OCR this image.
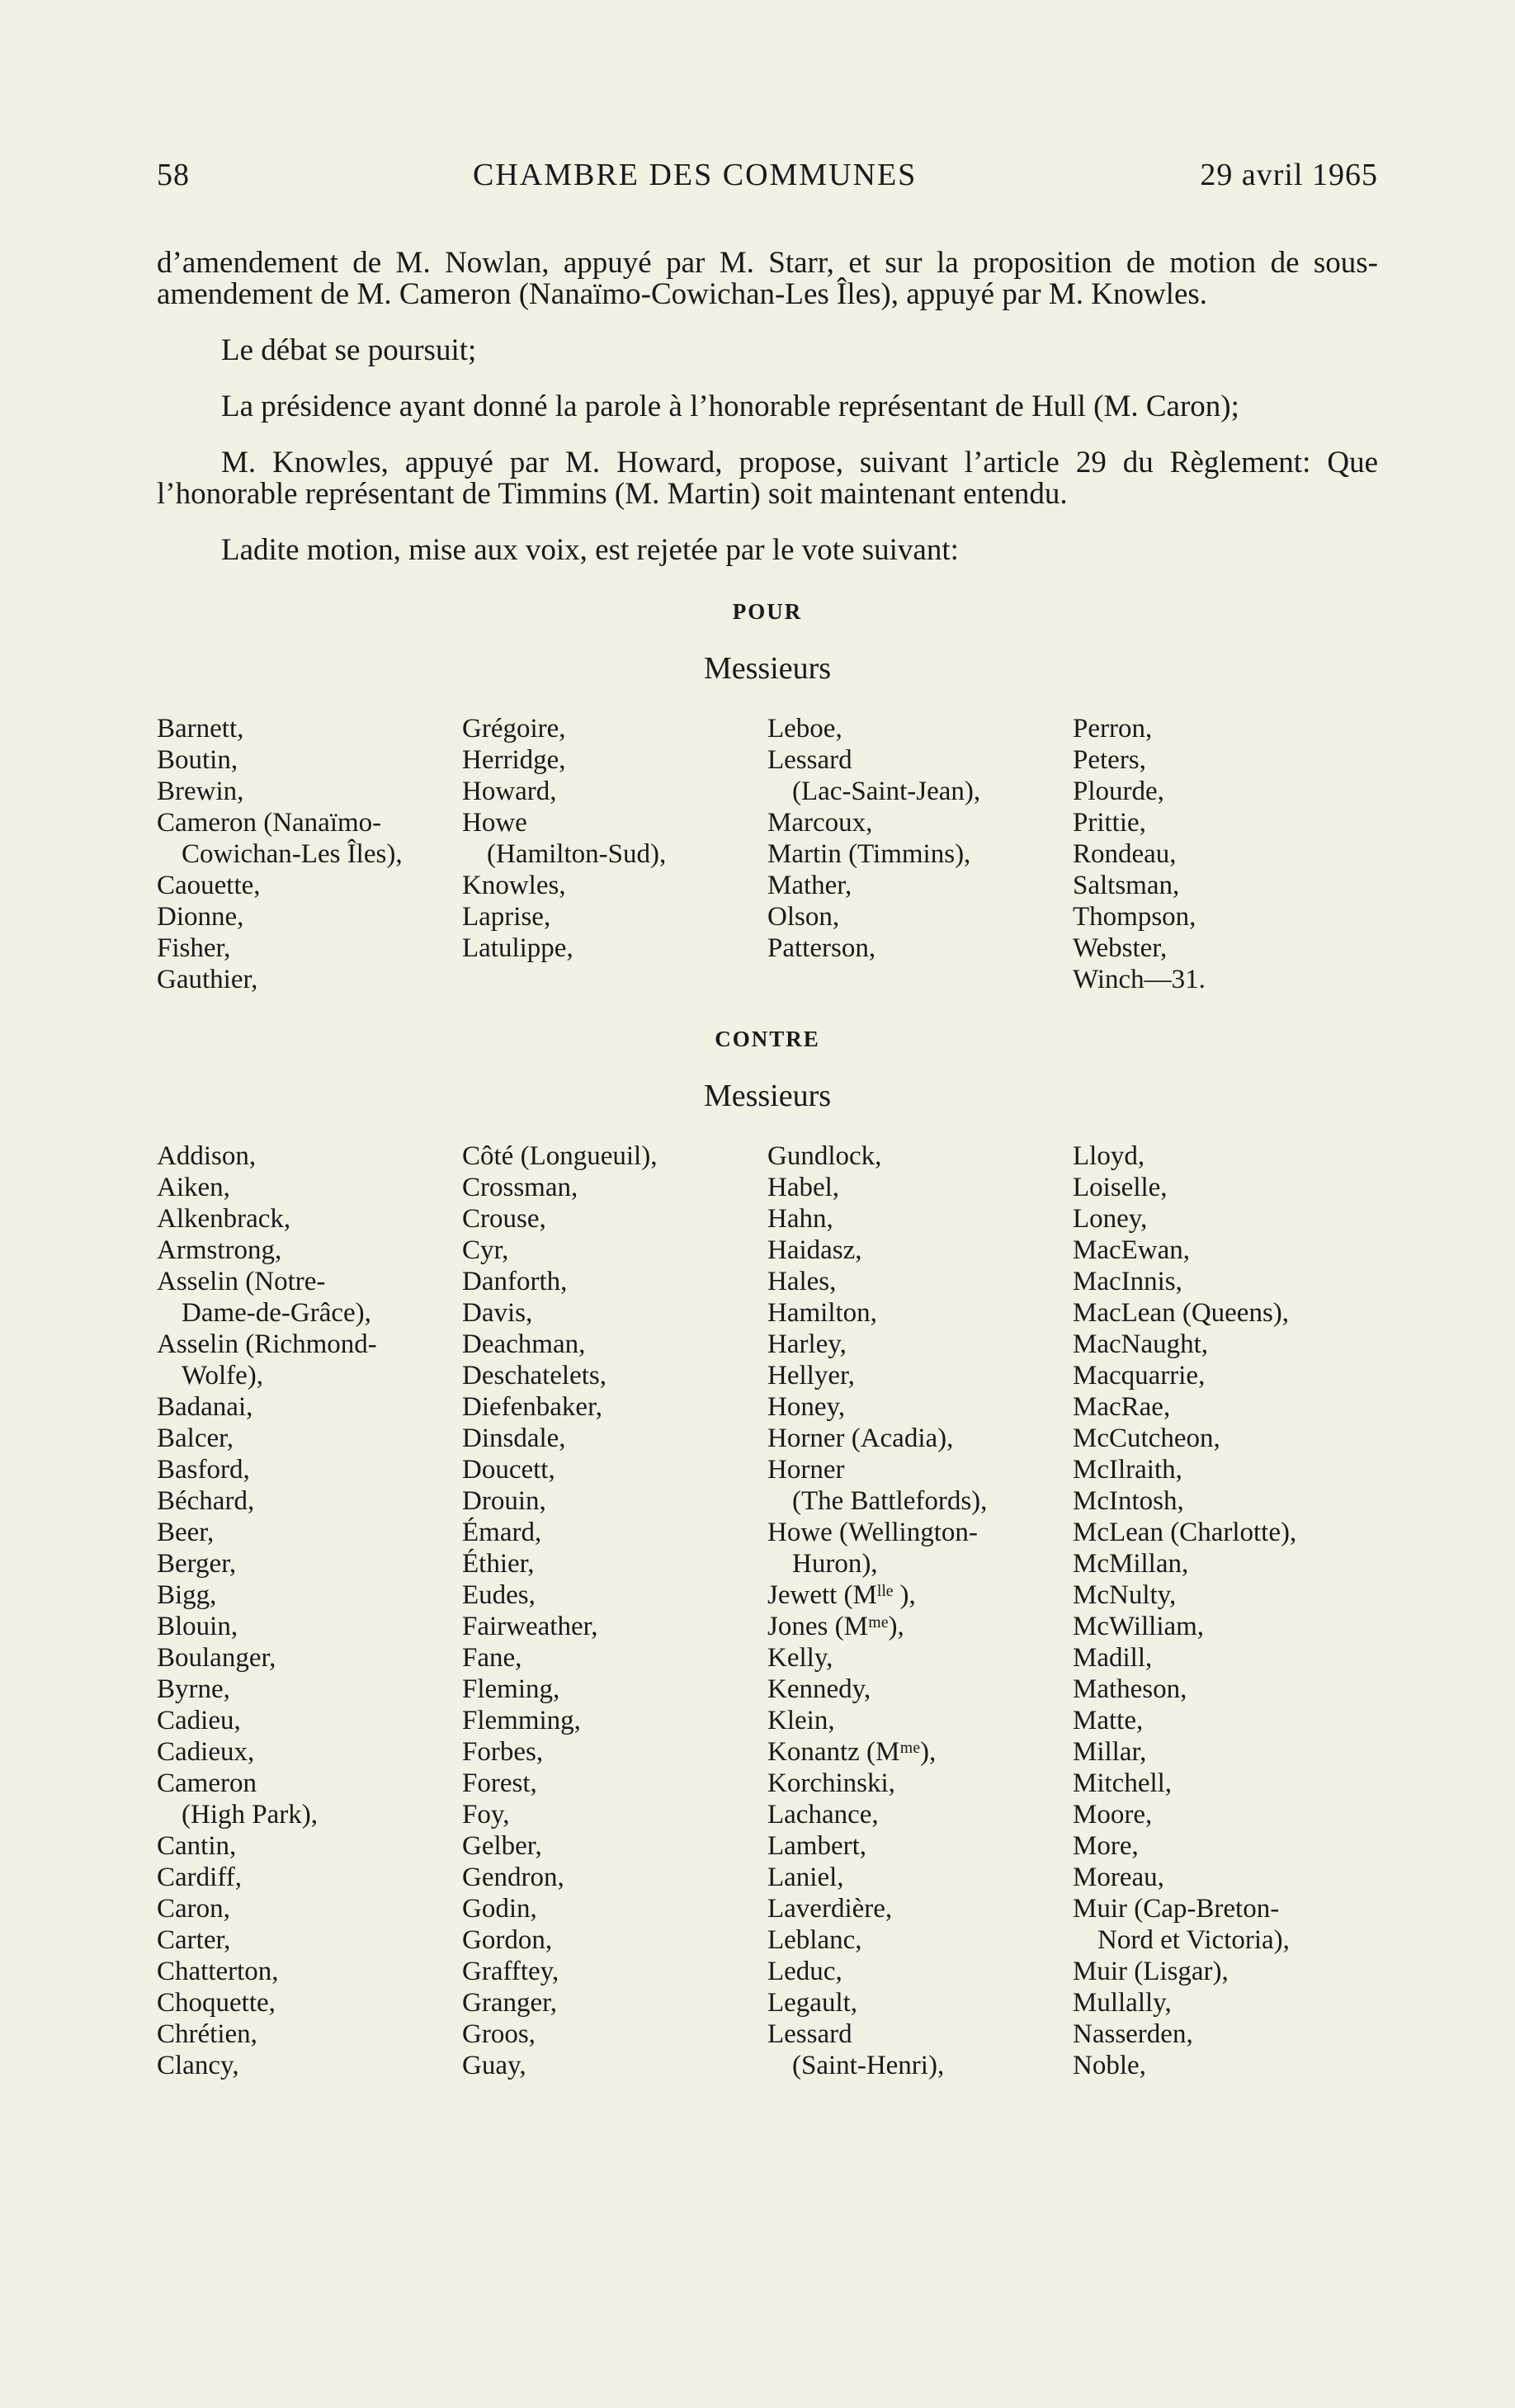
58	CHAMBRE DES COMMUNES	29 avril 1965

d’amendement de M. Nowlan, appuyé par M. Starr, et sur la proposition de motion de sous-amendement de M. Cameron (Nanaïmo-Cowichan-Les Îles), appuyé par M. Knowles.

Le débat se poursuit;

La présidence ayant donné la parole à l’honorable représentant de Hull (M. Caron);

M. Knowles, appuyé par M. Howard, propose, suivant l’article 29 du Règlement: Que l’honorable représentant de Timmins (M. Martin) soit maintenant entendu.

Ladite motion, mise aux voix, est rejetée par le vote suivant:

POUR
Messieurs
Barnett,
Boutin,
Brewin,
Cameron (Nanaïmo-
Cowichan-Les Îles),
Caouette,
Dionne,
Fisher,
Gauthier,
Grégoire,
Herridge,
Howard,
Howe
(Hamilton-Sud),
Knowles,
Laprise,
Latulippe,
Leboe,
Lessard
(Lac-Saint-Jean),
Marcoux,
Martin (Timmins),
Mather,
Olson,
Patterson,
Perron,
Peters,
Plourde,
Prittie,
Rondeau,
Saltsman,
Thompson,
Webster,
Winch—31.
CONTRE
Messieurs
Addison,
Aiken,
Alkenbrack,
Armstrong,
Asselin (Notre-
Dame-de-Grâce),
Asselin (Richmond-
Wolfe),
Badanai,
Balcer,
Basford,
Béchard,
Beer,
Berger,
Bigg,
Blouin,
Boulanger,
Byrne,
Cadieu,
Cadieux,
Cameron
(High Park),
Cantin,
Cardiff,
Caron,
Carter,
Chatterton,
Choquette,
Chrétien,
Clancy,
Côté (Longueuil),
Crossman,
Crouse,
Cyr,
Danforth,
Davis,
Deachman,
Deschatelets,
Diefenbaker,
Dinsdale,
Doucett,
Drouin,
Émard,
Éthier,
Eudes,
Fairweather,
Fane,
Fleming,
Flemming,
Forbes,
Forest,
Foy,
Gelber,
Gendron,
Godin,
Gordon,
Grafftey,
Granger,
Groos,
Guay,
Gundlock,
Habel,
Hahn,
Haidasz,
Hales,
Hamilton,
Harley,
Hellyer,
Honey,
Horner (Acadia),
Horner
(The Battlefords),
Howe (Wellington-
Huron),
Jewett (Mˡˡᵉ ),
Jones (Mᵐᵉ),
Kelly,
Kennedy,
Klein,
Konantz (Mᵐᵉ),
Korchinski,
Lachance,
Lambert,
Laniel,
Laverdière,
Leblanc,
Leduc,
Legault,
Lessard
(Saint-Henri),
Lloyd,
Loiselle,
Loney,
MacEwan,
MacInnis,
MacLean (Queens),
MacNaught,
Macquarrie,
MacRae,
McCutcheon,
McIlraith,
McIntosh,
McLean (Charlotte),
McMillan,
McNulty,
McWilliam,
Madill,
Matheson,
Matte,
Millar,
Mitchell,
Moore,
More,
Moreau,
Muir (Cap-Breton-
Nord et Victoria),
Muir (Lisgar),
Mullally,
Nasserden,
Noble,
